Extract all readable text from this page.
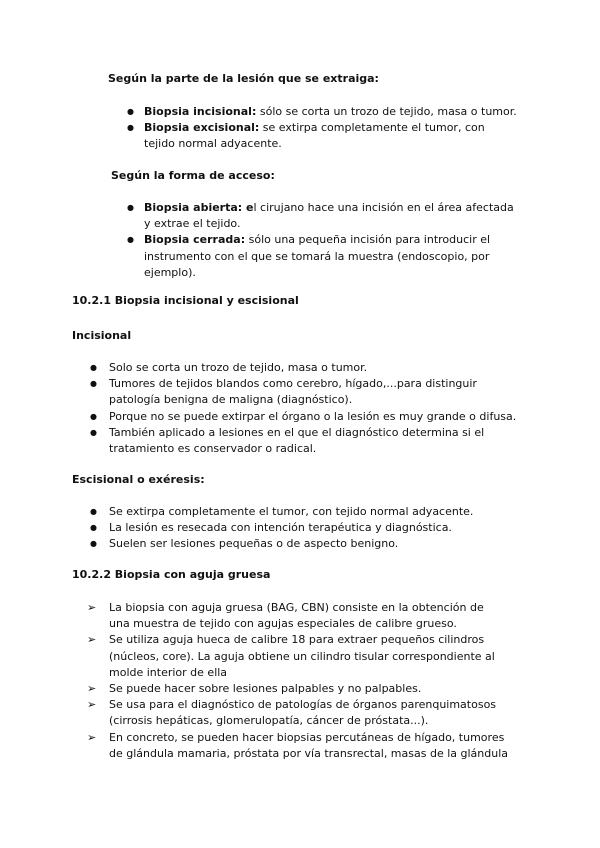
Según la parte de la lesión que se extraiga:
● Biopsia incisional: sólo se corta un trozo de tejido, masa o tumor.
● Biopsia excisional: se extirpa completamente el tumor, con tejido normal adyacente.
Según la forma de acceso:
● Biopsia abierta: el cirujano hace una incisión en el área afectada y extrae el tejido.
● Biopsia cerrada: sólo una pequeña incisión para introducir el instrumento con el que se tomará la muestra (endoscopio, por ejemplo).
10.2.1 Biopsia incisional y escisional
Incisional
● Solo se corta un trozo de tejido, masa o tumor.
● Tumores de tejidos blandos como cerebro, hígado,...para distinguir patología benigna de maligna (diagnóstico).
● Porque no se puede extirpar el órgano o la lesión es muy grande o difusa.
● También aplicado a lesiones en el que el diagnóstico determina si el tratamiento es conservador o radical.
Escisional o exéresis:
● Se extirpa completamente el tumor, con tejido normal adyacente.
● La lesión es resecada con intención terapéutica y diagnóstica.
● Suelen ser lesiones pequeñas o de aspecto benigno.
10.2.2 Biopsia con aguja gruesa
➢ La biopsia con aguja gruesa (BAG, CBN) consiste en la obtención de una muestra de tejido con agujas especiales de calibre grueso.
➢ Se utiliza aguja hueca de calibre 18 para extraer pequeños cilindros (núcleos, core). La aguja obtiene un cilindro tisular correspondiente al molde interior de ella
➢ Se puede hacer sobre lesiones palpables y no palpables.
➢ Se usa para el diagnóstico de patologías de órganos parenquimatosos (cirrosis hepáticas, glomerulopatía, cáncer de próstata...).
➢ En concreto, se pueden hacer biopsias percutáneas de hígado, tumores de glándula mamaria, próstata por vía transrectal, masas de la glándula
